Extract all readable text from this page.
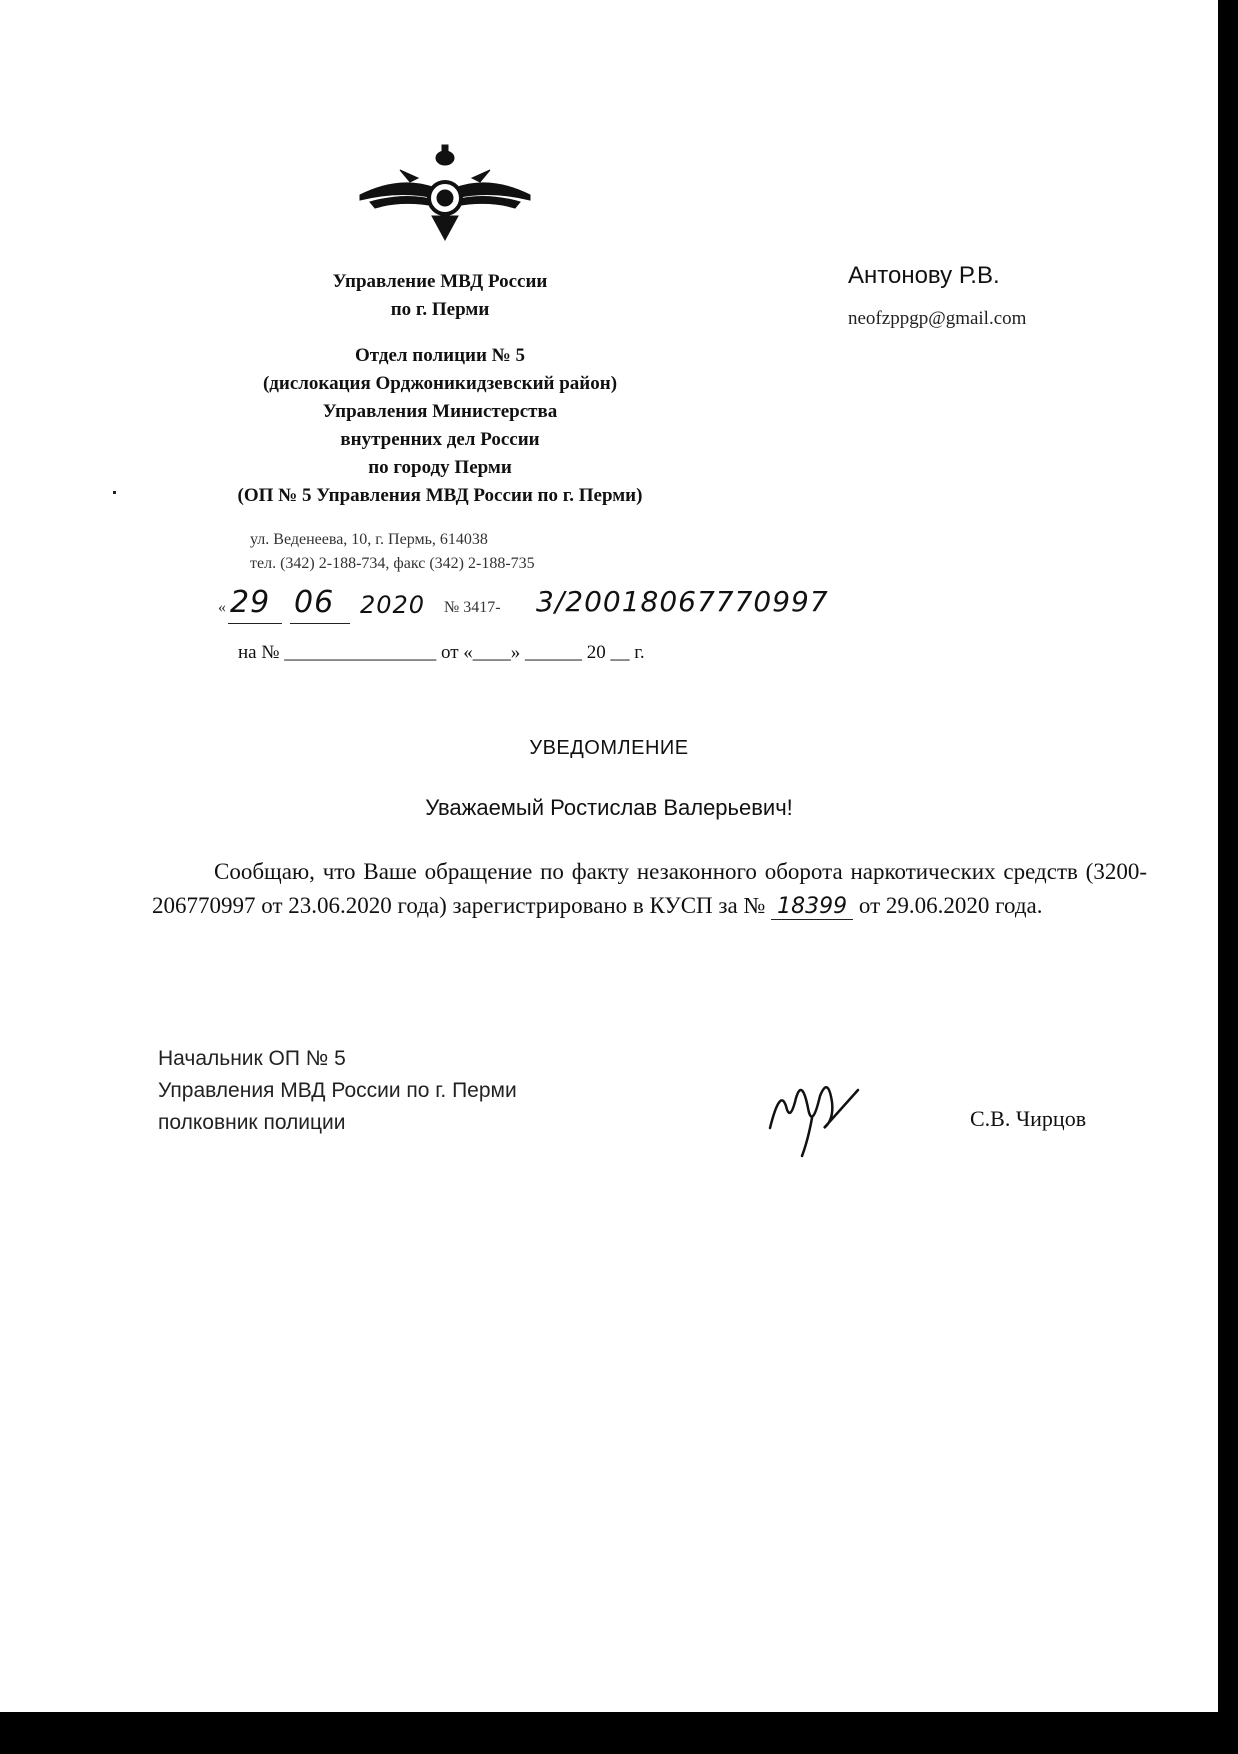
Управление МВД России
по г. Перми
Отдел полиции № 5
(дислокация Орджоникидзевский район)
Управления Министерства
внутренних дел России
по городу Перми
(ОП № 5 Управления МВД России по г. Перми)
ул. Веденеева, 10, г. Пермь, 614038
тел. (342) 2-188-734, факс (342) 2-188-735
« 29 06 2020 № 3417- 3/20018067770997
на № ________________ от «____» ______ 20 __ г.
Антонову Р.В.
neofzppgp@gmail.com
УВЕДОМЛЕНИЕ
Уважаемый Ростислав Валерьевич!

Сообщаю, что Ваше обращение по факту незаконного оборота наркотических средств (3200-206770997 от 23.06.2020 года) зарегистрировано в КУСП за № 18399 от 29.06.2020 года.

Начальник ОП № 5
Управления МВД России по г. Перми
полковник полиции	С.В. Чирцов
